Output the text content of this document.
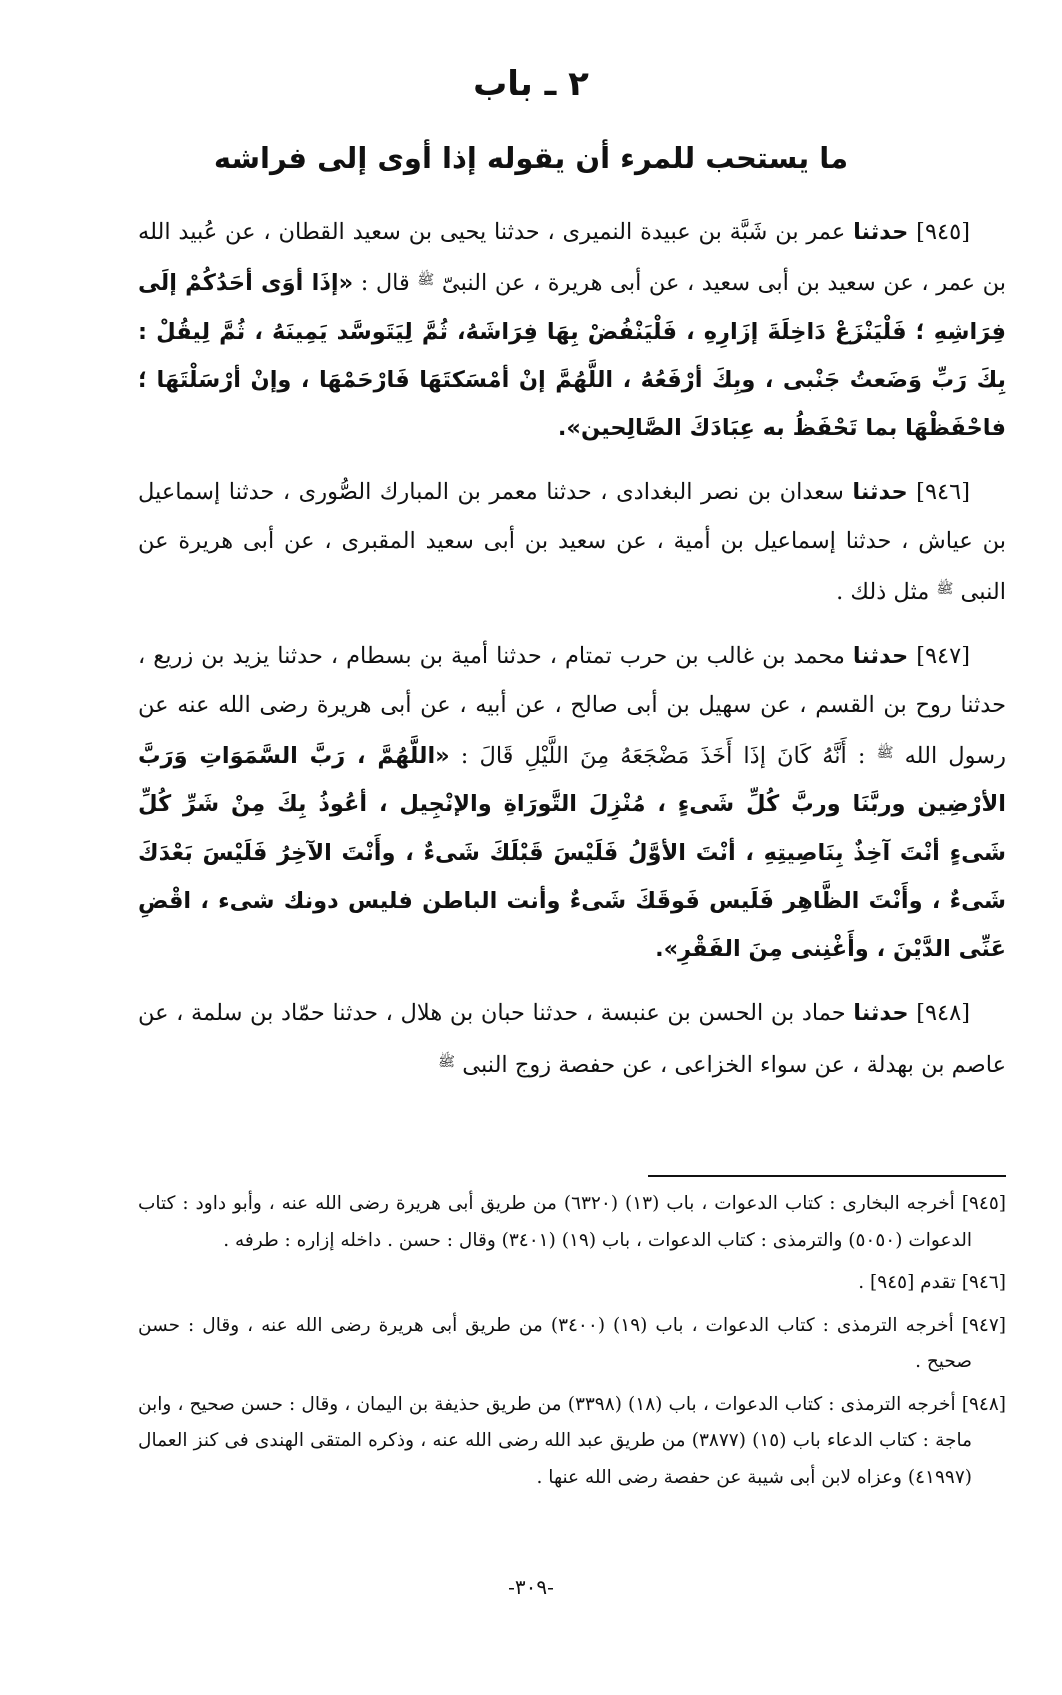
٢ ـ باب
ما يستحب للمرء أن يقوله إذا أوى إلى فراشه

[٩٤٥] حدثنا عمر بن شَبَّة بن عبيدة النميرى ، حدثنا يحيى بن سعيد القطان ، عن عُبيد الله بن عمر ، عن سعيد بن أبى سعيد ، عن أبى هريرة ، عن النبىّ $^ﷺ$ قال : «إذَا أوَى أحَدُكُمْ إلَى فِرَاشِهِ ؛ فَلْيَنْزَعْ دَاخِلَةَ إزَارِهِ ، فَلْيَنْفُضْ بِهَا فِرَاشَهُ، ثُمَّ لِيَتَوسَّد يَمِينَهُ ، ثُمَّ لِيقُلْ : بِكَ رَبِّ وَضَعتُ جَنْبى ، وبِكَ أرْفَعُهُ ، اللَّهُمَّ إنْ أمْسَكتَهَا فَارْحَمْهَا ، وإنْ أرْسَلْتَهَا ؛ فاحْفَظْهَا بما تَحْفَظُ به عِبَادَكَ الصَّالِحين».

[٩٤٦] حدثنا سعدان بن نصر البغدادى ، حدثنا معمر بن المبارك الصُّورى ، حدثنا إسماعيل بن عياش ، حدثنا إسماعيل بن أمية ، عن سعيد بن أبى سعيد المقبرى ، عن أبى هريرة عن النبى $^ﷺ$ مثل ذلك .

[٩٤٧] حدثنا محمد بن غالب بن حرب تمتام ، حدثنا أمية بن بسطام ، حدثنا يزيد بن زريع ، حدثنا روح بن القسم ، عن سهيل بن أبى صالح ، عن أبيه ، عن أبى هريرة رضى الله عنه عن رسول الله $^ﷺ$ : أَنَّهُ كَانَ إذَا أَخَذَ مَضْجَعَهُ مِنَ اللَّيْلِ قَالَ : «اللَّهُمَّ ، رَبَّ السَّمَوَاتِ وَرَبَّ الأرْضِين وربَّنَا وربَّ كُلِّ شَىءٍ ، مُنْزِلَ التَّورَاةِ والإنْجِيل ، أعُوذُ بِكَ مِنْ شَرِّ كُلِّ شَىءٍ أنْتَ آخِذٌ بِنَاصِيتِهِ ، أنْتَ الأوَّلُ فَلَيْسَ قَبْلَكَ شَىءٌ ، وأَنْتَ الآخِرُ فَلَيْسَ بَعْدَكَ شَىءٌ ، وأَنْتَ الظَّاهِر فَلَيس فَوقَكَ شَىءٌ وأنت الباطن فليس دونك شىء ، اقْضِ عَنِّى الدَّيْنَ ، وأَغْنِنى مِنَ الفَقْرِ».

[٩٤٨] حدثنا حماد بن الحسن بن عنبسة ، حدثنا حبان بن هلال ، حدثنا حمّاد بن سلمة ، عن عاصم بن بهدلة ، عن سواء الخزاعى ، عن حفصة زوج النبى $^ﷺ$

[٩٤٥] أخرجه البخارى : كتاب الدعوات ، باب (١٣) (٦٣٢٠) من طريق أبى هريرة رضى الله عنه ، وأبو داود : كتاب الدعوات (٥٠٥٠) والترمذى : كتاب الدعوات ، باب (١٩) (٣٤٠١) وقال : حسن . داخله إزاره : طرفه .

[٩٤٦] تقدم [٩٤٥] .

[٩٤٧] أخرجه الترمذى : كتاب الدعوات ، باب (١٩) (٣٤٠٠) من طريق أبى هريرة رضى الله عنه ، وقال : حسن صحيح .

[٩٤٨] أخرجه الترمذى : كتاب الدعوات ، باب (١٨) (٣٣٩٨) من طريق حذيفة بن اليمان ، وقال : حسن صحيح ، وابن ماجة : كتاب الدعاء باب (١٥) (٣٨٧٧) من طريق عبد الله رضى الله عنه ، وذكره المتقى الهندى فى كنز العمال (٤١٩٩٧) وعزاه لابن أبى شيبة عن حفصة رضى الله عنها .

-٣٠٩-
